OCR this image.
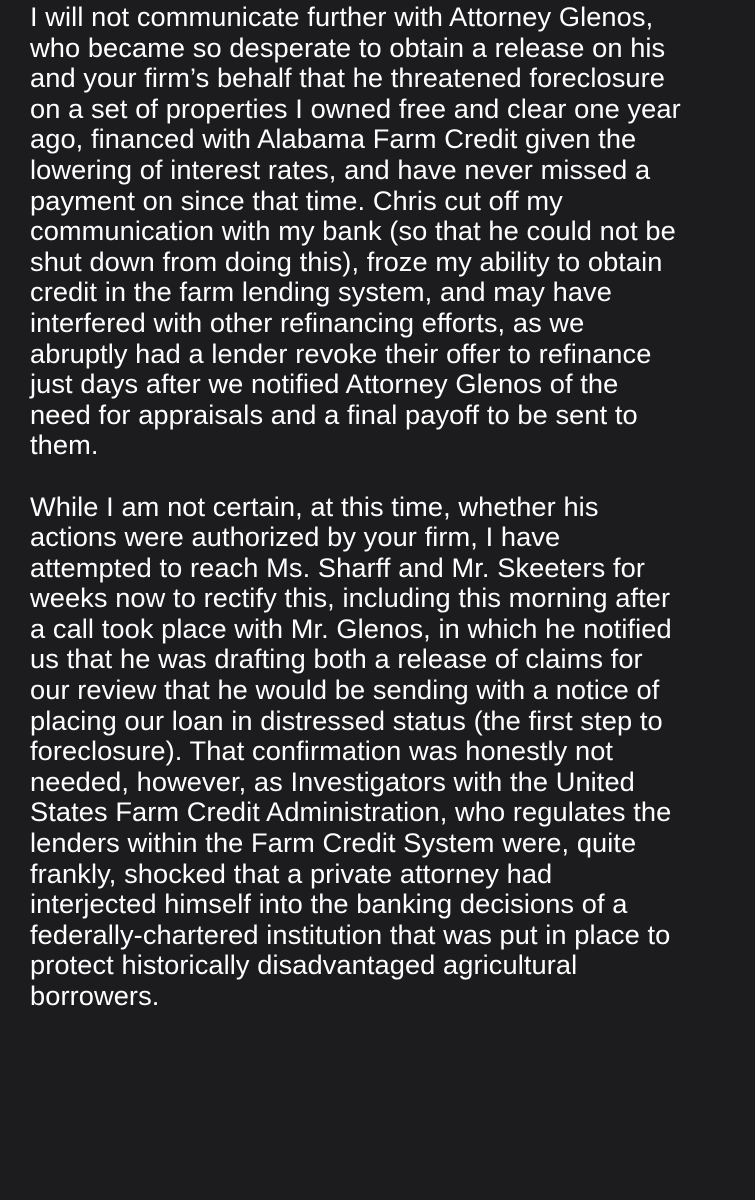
I will not communicate further with Attorney Glenos,
who became so desperate to obtain a release on his
and your firm’s behalf that he threatened foreclosure
on a set of properties I owned free and clear one year
ago, financed with Alabama Farm Credit given the
lowering of interest rates, and have never missed a
payment on since that time. Chris cut off my
communication with my bank (so that he could not be
shut down from doing this), froze my ability to obtain
credit in the farm lending system, and may have
interfered with other refinancing efforts, as we
abruptly had a lender revoke their offer to refinance
just days after we notified Attorney Glenos of the
need for appraisals and a final payoff to be sent to
them.

While I am not certain, at this time, whether his
actions were authorized by your firm, I have
attempted to reach Ms. Sharff and Mr. Skeeters for
weeks now to rectify this, including this morning after
a call took place with Mr. Glenos, in which he notified
us that he was drafting both a release of claims for
our review that he would be sending with a notice of
placing our loan in distressed status (the first step to
foreclosure). That confirmation was honestly not
needed, however, as Investigators with the United
States Farm Credit Administration, who regulates the
lenders within the Farm Credit System were, quite
frankly, shocked that a private attorney had
interjected himself into the banking decisions of a
federally-chartered institution that was put in place to
protect historically disadvantaged agricultural
borrowers.
